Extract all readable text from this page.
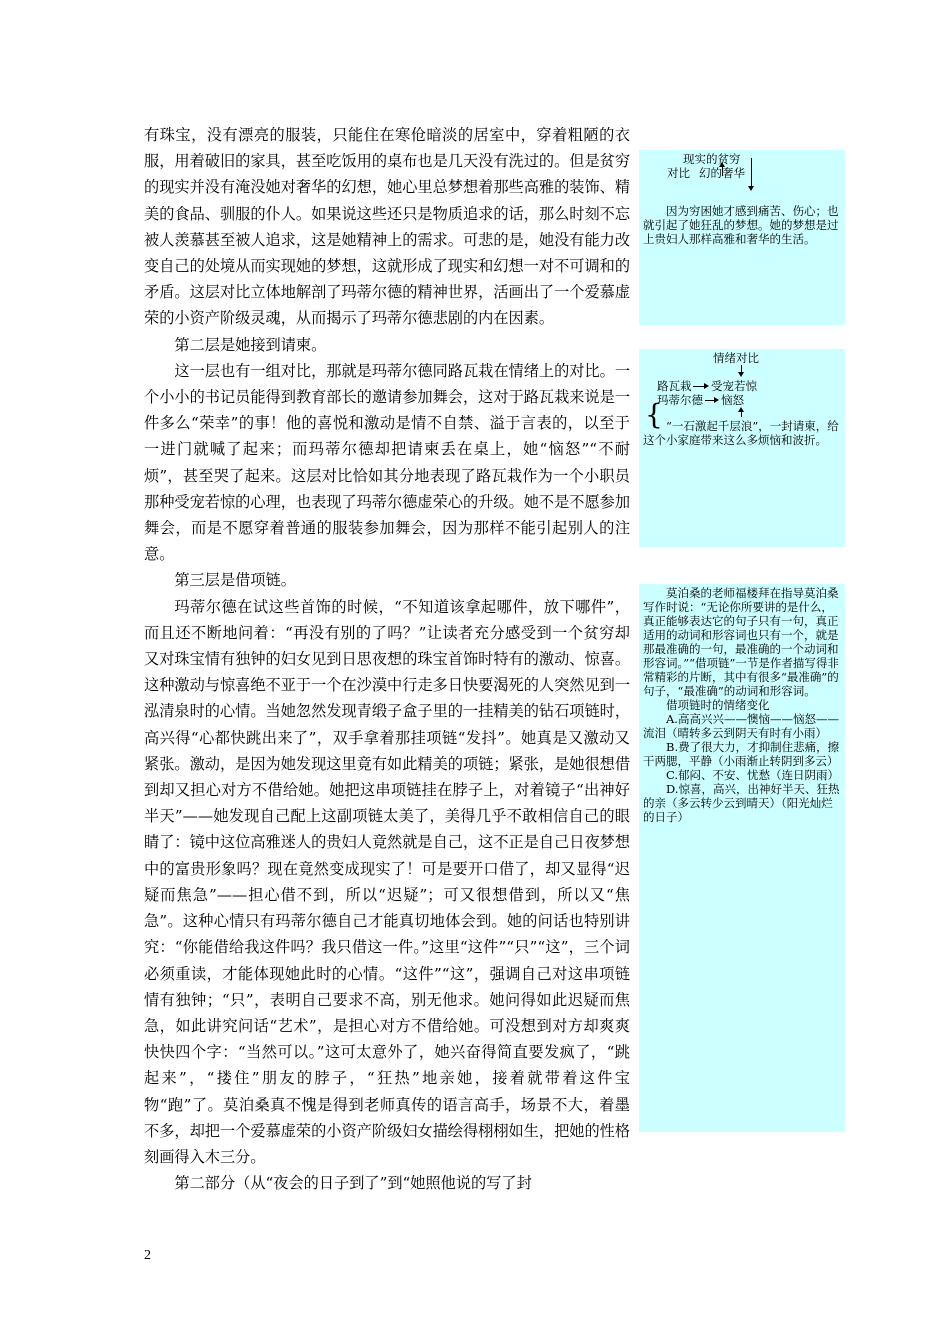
有珠宝，没有漂亮的服装，只能住在寒伧暗淡的居室中，穿着粗陋的衣服，用着破旧的家具，甚至吃饭用的桌布也是几天没有洗过的。但是贫穷的现实并没有淹没她对奢华的幻想，她心里总梦想着那些高雅的装饰、精美的食品、驯服的仆人。如果说这些还只是物质追求的话，那么时刻不忘被人羡慕甚至被人追求，这是她精神上的需求。可悲的是，她没有能力改变自己的处境从而实现她的梦想，这就形成了现实和幻想一对不可调和的矛盾。这层对比立体地解剖了玛蒂尔德的精神世界，活画出了一个爱慕虚荣的小资产阶级灵魂，从而揭示了玛蒂尔德悲剧的内在因素。

第二层是她接到请柬。

这一层也有一组对比，那就是玛蒂尔德同路瓦栽在情绪上的对比。一个小小的书记员能得到教育部长的邀请参加舞会，这对于路瓦栽来说是一件多么“荣幸”的事！他的喜悦和激动是情不自禁、溢于言表的，以至于一进门就喊了起来；而玛蒂尔德却把请柬丢在桌上，她“恼怒”“不耐烦”，甚至哭了起来。这层对比恰如其分地表现了路瓦栽作为一个小职员那种受宠若惊的心理，也表现了玛蒂尔德虚荣心的升级。她不是不愿参加舞会，而是不愿穿着普通的服装参加舞会，因为那样不能引起别人的注意。

第三层是借项链。

玛蒂尔德在试这些首饰的时候，“不知道该拿起哪件，放下哪件”，而且还不断地问着：“再没有别的了吗？”让读者充分感受到一个贫穷却又对珠宝情有独钟的妇女见到日思夜想的珠宝首饰时特有的激动、惊喜。这种激动与惊喜绝不亚于一个在沙漠中行走多日快要渴死的人突然见到一泓清泉时的心情。当她忽然发现青缎子盒子里的一挂精美的钻石项链时，高兴得“心都快跳出来了”，双手拿着那挂项链“发抖”。她真是又激动又紧张。激动，是因为她发现这里竟有如此精美的项链；紧张，是她很想借到却又担心对方不借给她。她把这串项链挂在脖子上，对着镜子“出神好半天”——她发现自己配上这副项链太美了，美得几乎不敢相信自己的眼睛了：镜中这位高雅迷人的贵妇人竟然就是自己，这不正是自己日夜梦想中的富贵形象吗？现在竟然变成现实了！可是要开口借了，却又显得“迟疑而焦急”——担心借不到，所以“迟疑”；可又很想借到，所以又“焦急”。这种心情只有玛蒂尔德自己才能真切地体会到。她的问话也特别讲究：“你能借给我这件吗？我只借这一件。”这里“这件”“只”“这”，三个词必须重读，才能体现她此时的心情。“这件”“这”，强调自己对这串项链情有独钟；“只”，表明自己要求不高，别无他求。她问得如此迟疑而焦急，如此讲究问话“艺术”，是担心对方不借给她。可没想到对方却爽爽快快四个字：“当然可以。”这可太意外了，她兴奋得简直要发疯了，“跳起来”，“搂住”朋友的脖子，“狂热”地亲她，接着就带着这件宝物“跑”了。莫泊桑真不愧是得到老师真传的语言高手，场景不大，着墨不多，却把一个爱慕虚荣的小资产阶级妇女描绘得栩栩如生，把她的性格刻画得入木三分。

第二部分（从“夜会的日子到了”到“她照他说的写了封

2
现实的贫穷
对比 幻的奢华

因为穷困她才感到痛苦、伤心；也就引起了她狂乱的梦想。她的梦想是过上贵妇人那样高雅和奢华的生活。

情绪对比
路瓦栽 受宠若惊
玛蒂尔德 恼怒
{ “一石激起千层浪”，一封请柬，给这个小家庭带来这么多烦恼和波折。

莫泊桑的老师福楼拜在指导莫泊桑写作时说：“无论你所要讲的是什么，真正能够表达它的句子只有一句，真正适用的动词和形容词也只有一个，就是那最准确的一句，最准确的一个动词和形容词。”“借项链”一节是作者描写得非常精彩的片断，其中有很多“最准确”的句子，“最准确”的动词和形容词。

借项链时的情绪变化

A.高高兴兴——懊恼——恼怒——流泪（晴转多云到阴天有时有小雨）

B.费了很大力，才抑制住悲痛，擦干两腮，平静（小雨渐止转阴到多云）

C.郁闷、不安、忧愁（连日阴雨）

D.惊喜，高兴，出神好半天、狂热的亲（多云转少云到晴天）（阳光灿烂的日子）
